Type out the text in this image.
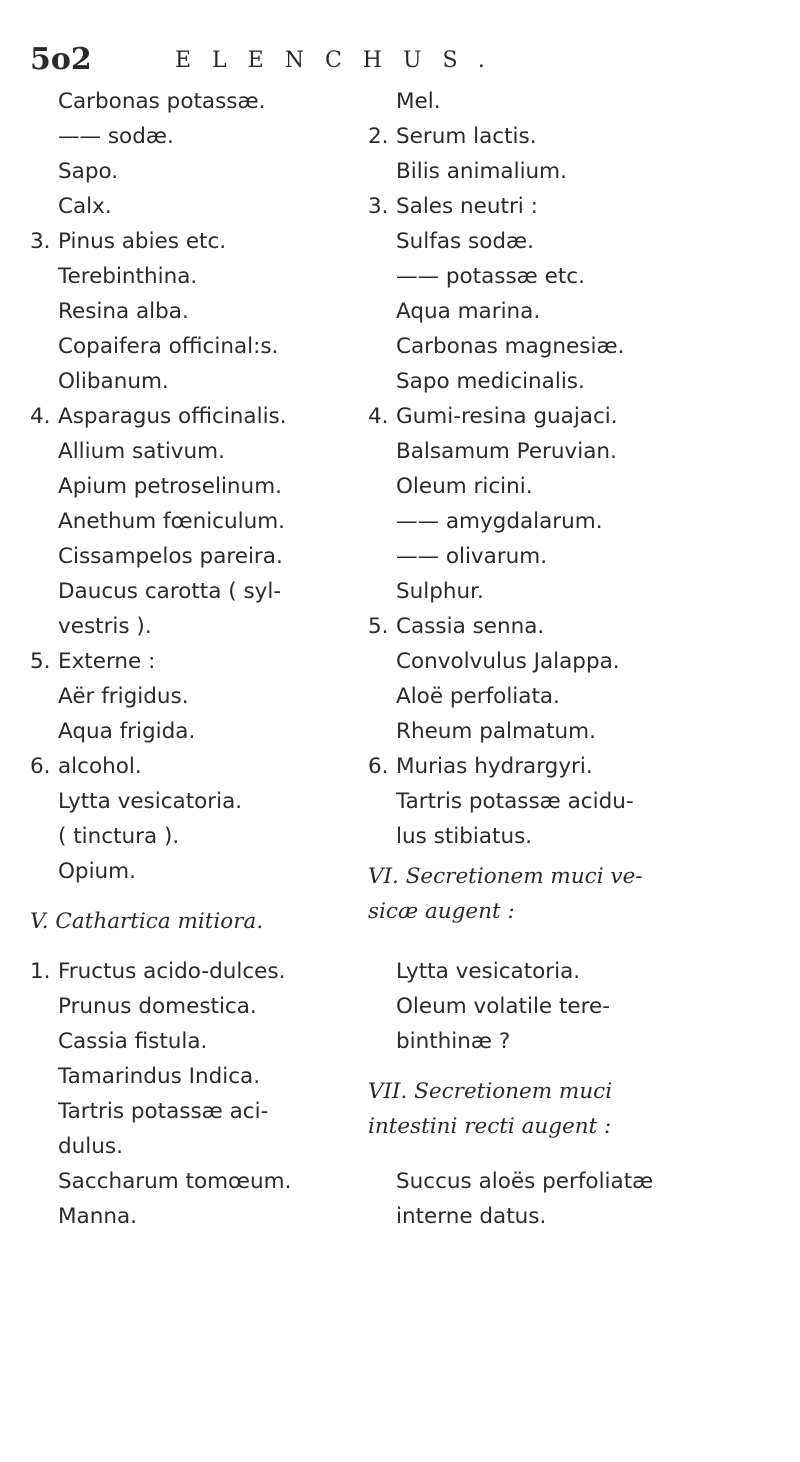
5o2	ELENCHUS.
Carbonas potassæ.
—— sodæ.
Sapo.
Calx.
3. Pinus abies etc.
Terebinthina.
Resina alba.
Copaifera officinal:s.
Olibanum.
4. Asparagus officinalis.
Allium sativum.
Apium petroselinum.
Anethum fœniculum.
Cissampelos pareira.
Daucus carotta ( syl-
vestris ).
5. Externe :
Aër frigidus.
Aqua frigida.
6. alcohol.
Lytta vesicatoria.
( tinctura ).
Opium.
V. Cathartica mitiora.
1. Fructus acido-dulces.
Prunus domestica.
Cassia fistula.
Tamarindus Indica.
Tartris potassæ aci-
dulus.
Saccharum tomœum.
Manna.
Mel.
2. Serum lactis.
Bilis animalium.
3. Sales neutri :
Sulfas sodæ.
—— potassæ etc.
Aqua marina.
Carbonas magnesiæ.
Sapo medicinalis.
4. Gumi-resina guajaci.
Balsamum Peruvian.
Oleum ricini.
—— amygdalarum.
—— olivarum.
Sulphur.
5. Cassia senna.
Convolvulus Jalappa.
Aloë perfoliata.
Rheum palmatum.
6. Murias hydrargyri.
Tartris potassæ acidu-
lus stibiatus.
VI. Secretionem muci ve-
sicæ augent :
Lytta vesicatoria.
Oleum volatile tere-
binthinæ ?
VII. Secretionem muci
intestini recti augent :
Succus aloës perfoliatæ
interne datus.
